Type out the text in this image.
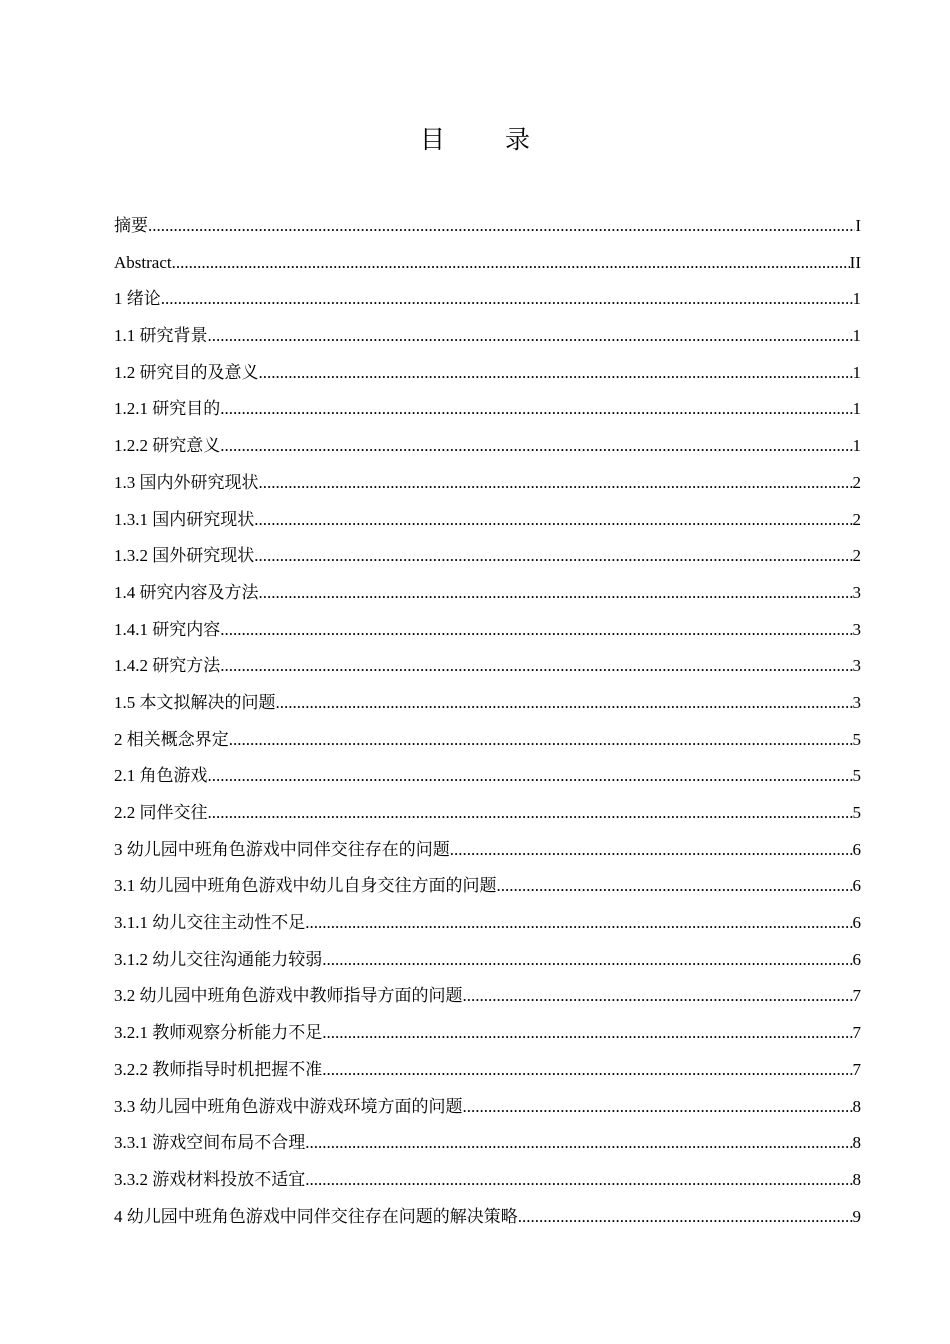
目 录
摘要 .....	I
Abstract .....	II
1 绪论 .....	1
1.1 研究背景 .....	1
1.2 研究目的及意义 .....	1
1.2.1 研究目的 .....	1
1.2.2 研究意义 .....	1
1.3 国内外研究现状 .....	2
1.3.1 国内研究现状 .....	2
1.3.2 国外研究现状 .....	2
1.4 研究内容及方法 .....	3
1.4.1 研究内容 .....	3
1.4.2 研究方法 .....	3
1.5 本文拟解决的问题 .....	3
2 相关概念界定 .....	5
2.1 角色游戏 .....	5
2.2 同伴交往 .....	5
3 幼儿园中班角色游戏中同伴交往存在的问题 .....	6
3.1 幼儿园中班角色游戏中幼儿自身交往方面的问题 .....	6
3.1.1 幼儿交往主动性不足 .....	6
3.1.2 幼儿交往沟通能力较弱 .....	6
3.2 幼儿园中班角色游戏中教师指导方面的问题 .....	7
3.2.1 教师观察分析能力不足 .....	7
3.2.2 教师指导时机把握不准 .....	7
3.3 幼儿园中班角色游戏中游戏环境方面的问题 .....	8
3.3.1 游戏空间布局不合理 .....	8
3.3.2 游戏材料投放不适宜 .....	8
4 幼儿园中班角色游戏中同伴交往存在问题的解决策略 .....	9
